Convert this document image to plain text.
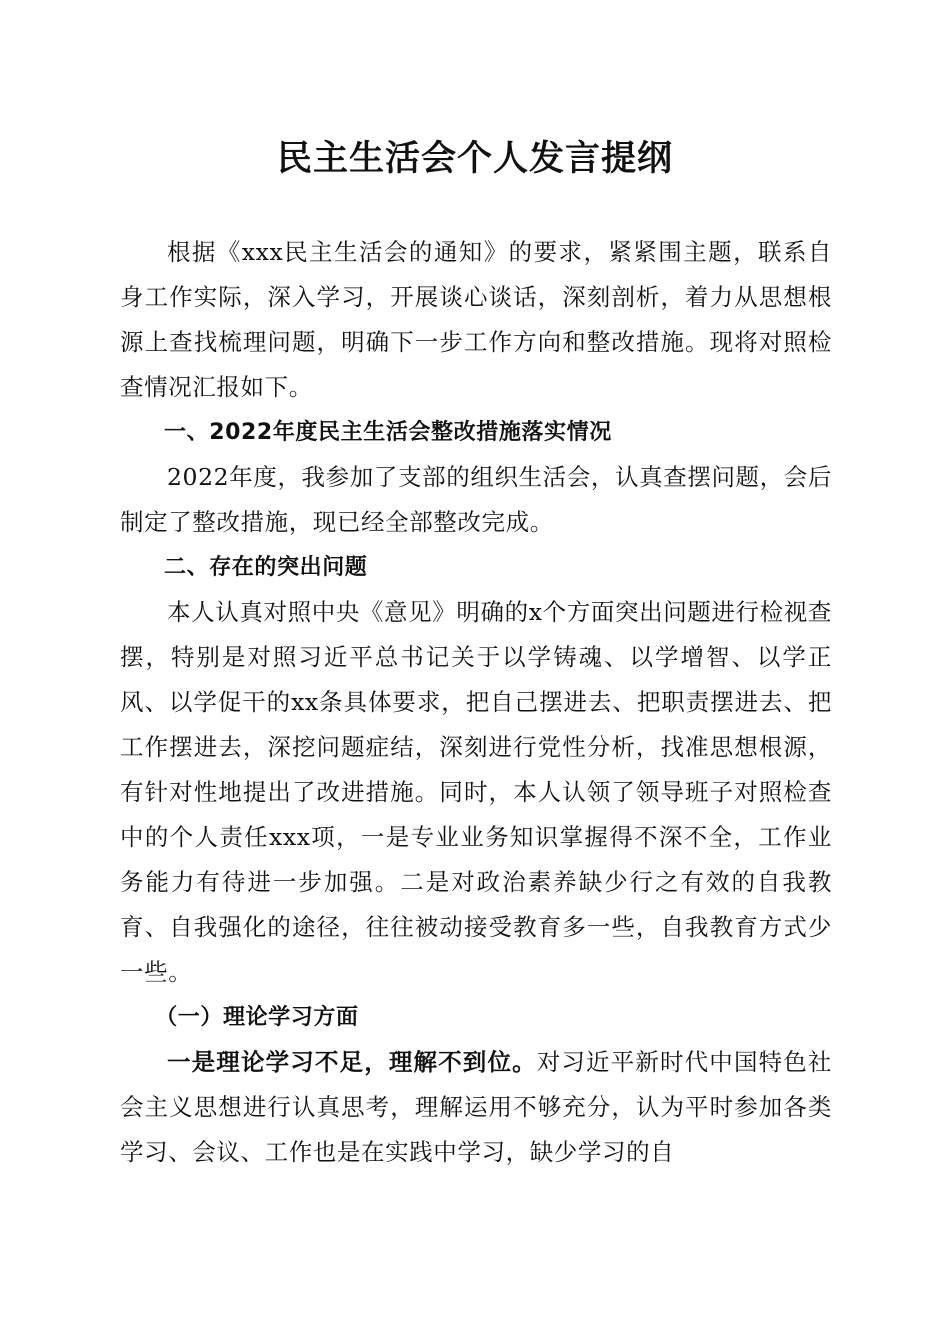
民主生活会个人发言提纲

根据《xxx民主生活会的通知》的要求，紧紧围主题，联系自身工作实际，深入学习，开展谈心谈话，深刻剖析，着力从思想根源上查找梳理问题，明确下一步工作方向和整改措施。现将对照检查情况汇报如下。

一、2022年度民主生活会整改措施落实情况

2022年度，我参加了支部的组织生活会，认真查摆问题，会后制定了整改措施，现已经全部整改完成。

二、存在的突出问题

本人认真对照中央《意见》明确的x个方面突出问题进行检视查摆，特别是对照习近平总书记关于以学铸魂、以学增智、以学正风、以学促干的xx条具体要求，把自己摆进去、把职责摆进去、把工作摆进去，深挖问题症结，深刻进行党性分析，找准思想根源，有针对性地提出了改进措施。同时，本人认领了领导班子对照检查中的个人责任xxx项，一是专业业务知识掌握得不深不全，工作业务能力有待进一步加强。二是对政治素养缺少行之有效的自我教育、自我强化的途径，往往被动接受教育多一些，自我教育方式少一些。

（一）理论学习方面

一是理论学习不足，理解不到位。对习近平新时代中国特色社会主义思想进行认真思考，理解运用不够充分，认为平时参加各类学习、会议、工作也是在实践中学习，缺少学习的自
